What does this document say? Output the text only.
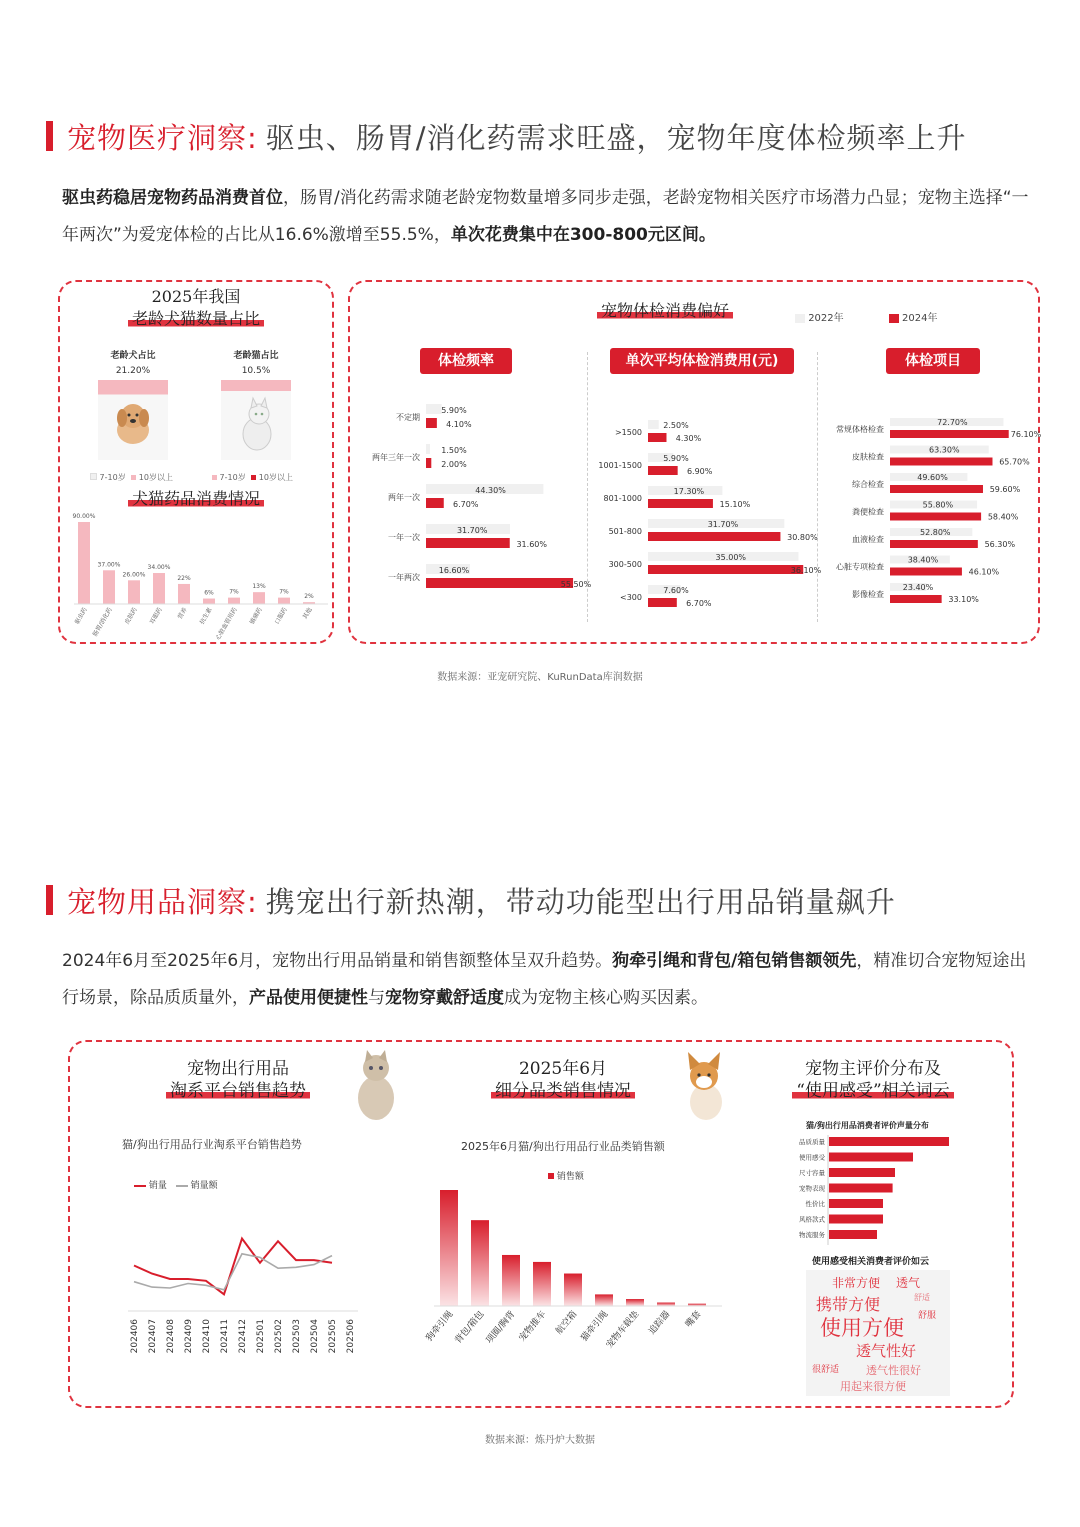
宠物医疗洞察: 驱虫、肠胃/消化药需求旺盛，宠物年度体检频率上升
驱虫药稳居宠物药品消费首位，肠胃/消化药需求随老龄宠物数量增多同步走强，老龄宠物相关医疗市场潜力凸显；宠物主选择“一年两次”为爱宠体检的占比从16.6%激增至55.5%，单次花费集中在300-800元区间。
2025年我国
老龄犬猫数量占比
老龄犬占比
21.20%
老龄猫占比
10.5%
7-10岁 10岁以上	7-10岁 10岁以上
犬猫药品消费情况
90.00%
驱虫药
37.00%
肠胃/消化药
26.00%
皮肤药
34.00%
耳眼药
22%
营养
6%
抗生素
7%
心脏血管用药
13%
镇痛药
7%
口服药
2%
其他
宠物体检消费偏好	2022年	2024年
体检频率	单次平均体检消费用(元)	体检项目
不定期
5.90%
4.10%
两年三年一次
1.50%
2.00%
两年一次
44.30%
6.70%
一年一次
31.70%
31.60%
一年两次
16.60%
55.50%
>1500
2.50%
4.30%
1001-1500
5.90%
6.90%
801-1000
17.30%
15.10%
501-800
31.70%
30.80%
300-500
35.00%
36.10%
<300
7.60%
6.70%
常规体格检查
72.70%
76.10%
皮肤检查
63.30%
65.70%
综合检查
49.60%
59.60%
粪便检查
55.80%
58.40%
血液检查
52.80%
56.30%
心脏专项检查
38.40%
46.10%
影像检查
23.40%
33.10%
数据来源：亚宠研究院、KuRunData库润数据
宠物用品洞察: 携宠出行新热潮，带动功能型出行用品销量飙升
2024年6月至2025年6月，宠物出行用品销量和销售额整体呈双升趋势。狗牵引绳和背包/箱包销售额领先，精准切合宠物短途出行场景，除品质质量外，产品使用便捷性与宠物穿戴舒适度成为宠物主核心购买因素。
宠物出行用品
淘系平台销售趋势
猫/狗出行用品行业淘系平台销售趋势
销量	销量额
202406 202407 202408 202409 202410 202411 202412 202501 202502 202503 202504 202505 202506
2025年6月
细分品类销售情况
2025年6月猫/狗出行用品行业品类销售额
销售额
狗牵引绳
背包/箱包
项圈/胸背 宠物推车 航空箱 猫牵引绳
宠物车载垫 追踪器 嘴套
宠物主评价分布及
“使用感受”相关词云
猫/狗出行用品消费者评价声量分布
品质质量
使用感受
尺寸容量
宠物表现
性价比
风格款式
物流服务
使用感受相关消费者评价如云
非常方便 透气
舒适
携带方便
舒服
使用方便
透气性好
很舒适 透气性很好
用起来很方便
数据来源：炼丹炉大数据
